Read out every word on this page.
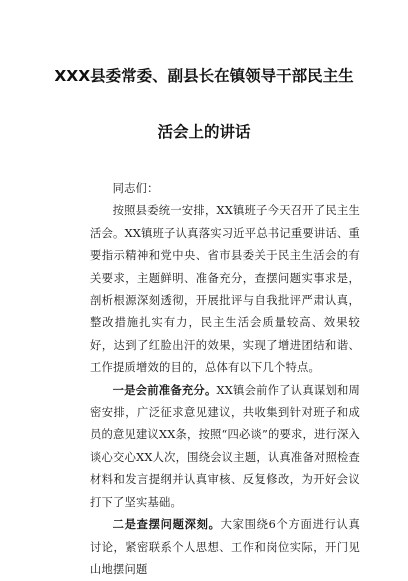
XXX县委常委、副县长在镇领导干部民主生
活会上的讲话

同志们：

按照县委统一安排，XX镇班子今天召开了民主生活会。XX镇班子认真落实习近平总书记重要讲话、重要指示精神和党中央、省市县委关于民主生活会的有关要求，主题鲜明、准备充分，查摆问题实事求是，剖析根源深刻透彻，开展批评与自我批评严肃认真，整改措施扎实有力，民主生活会质量较高、效果较好，达到了红脸出汗的效果，实现了增进团结和谐、工作提质增效的目的，总体有以下几个特点。

一是会前准备充分。XX镇会前作了认真谋划和周密安排，广泛征求意见建议，共收集到针对班子和成员的意见建议XX条，按照“四必谈”的要求，进行深入谈心交心XX人次，围绕会议主题，认真准备对照检查材料和发言提纲并认真审核、反复修改，为开好会议打下了坚实基础。

二是查摆问题深刻。大家围绕6个方面进行认真讨论，紧密联系个人思想、工作和岗位实际，开门见山地摆问题
